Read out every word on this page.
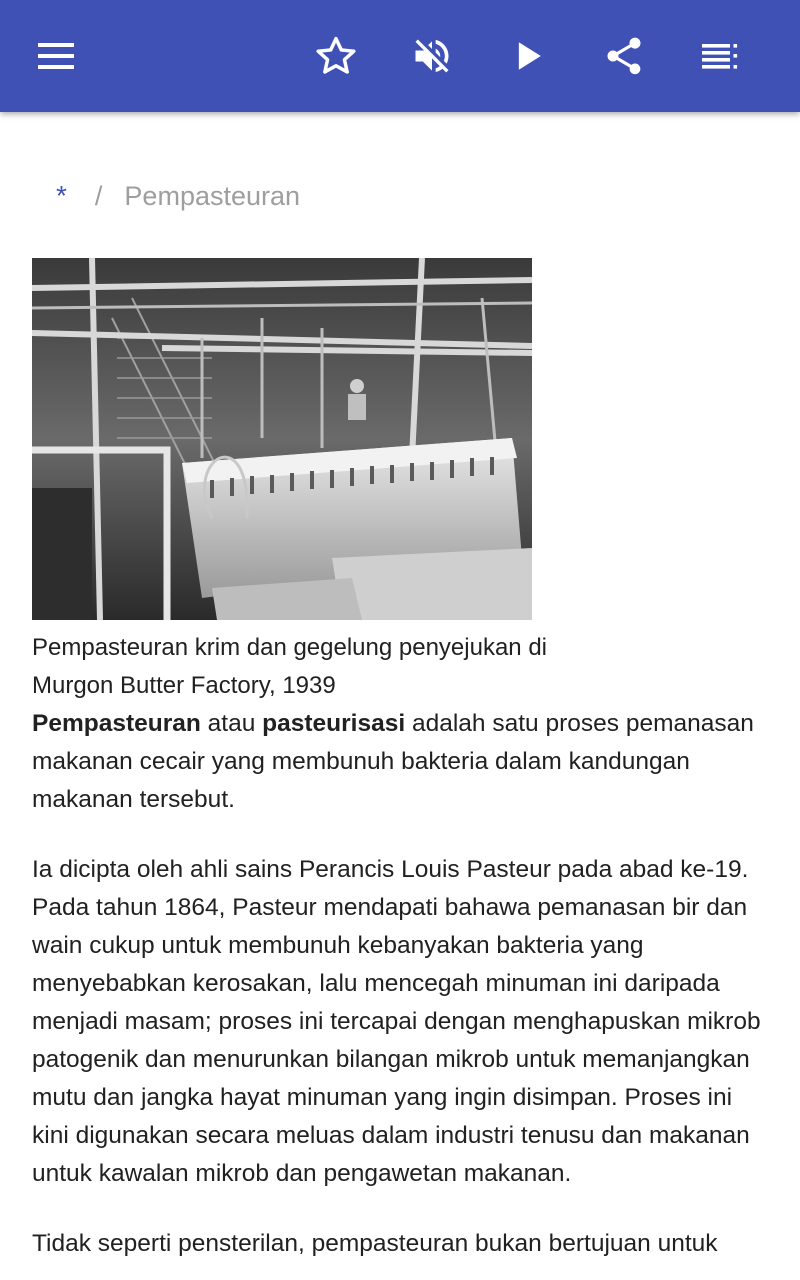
* / Pempasteuran
Pempasteuran krim dan gegelung penyejukan di Murgon Butter Factory, 1939

Pempasteuran atau pasteurisasi adalah satu proses pemanasan makanan cecair yang membunuh bakteria dalam kandungan makanan tersebut.

Ia dicipta oleh ahli sains Perancis Louis Pasteur pada abad ke-19. Pada tahun 1864, Pasteur mendapati bahawa pemanasan bir dan wain cukup untuk membunuh kebanyakan bakteria yang menyebabkan kerosakan, lalu mencegah minuman ini daripada menjadi masam; proses ini tercapai dengan menghapuskan mikrob patogenik dan menurunkan bilangan mikrob untuk memanjangkan mutu dan jangka hayat minuman yang ingin disimpan. Proses ini kini digunakan secara meluas dalam industri tenusu dan makanan untuk kawalan mikrob dan pengawetan makanan.

Tidak seperti pensterilan, pempasteuran bukan bertujuan untuk
